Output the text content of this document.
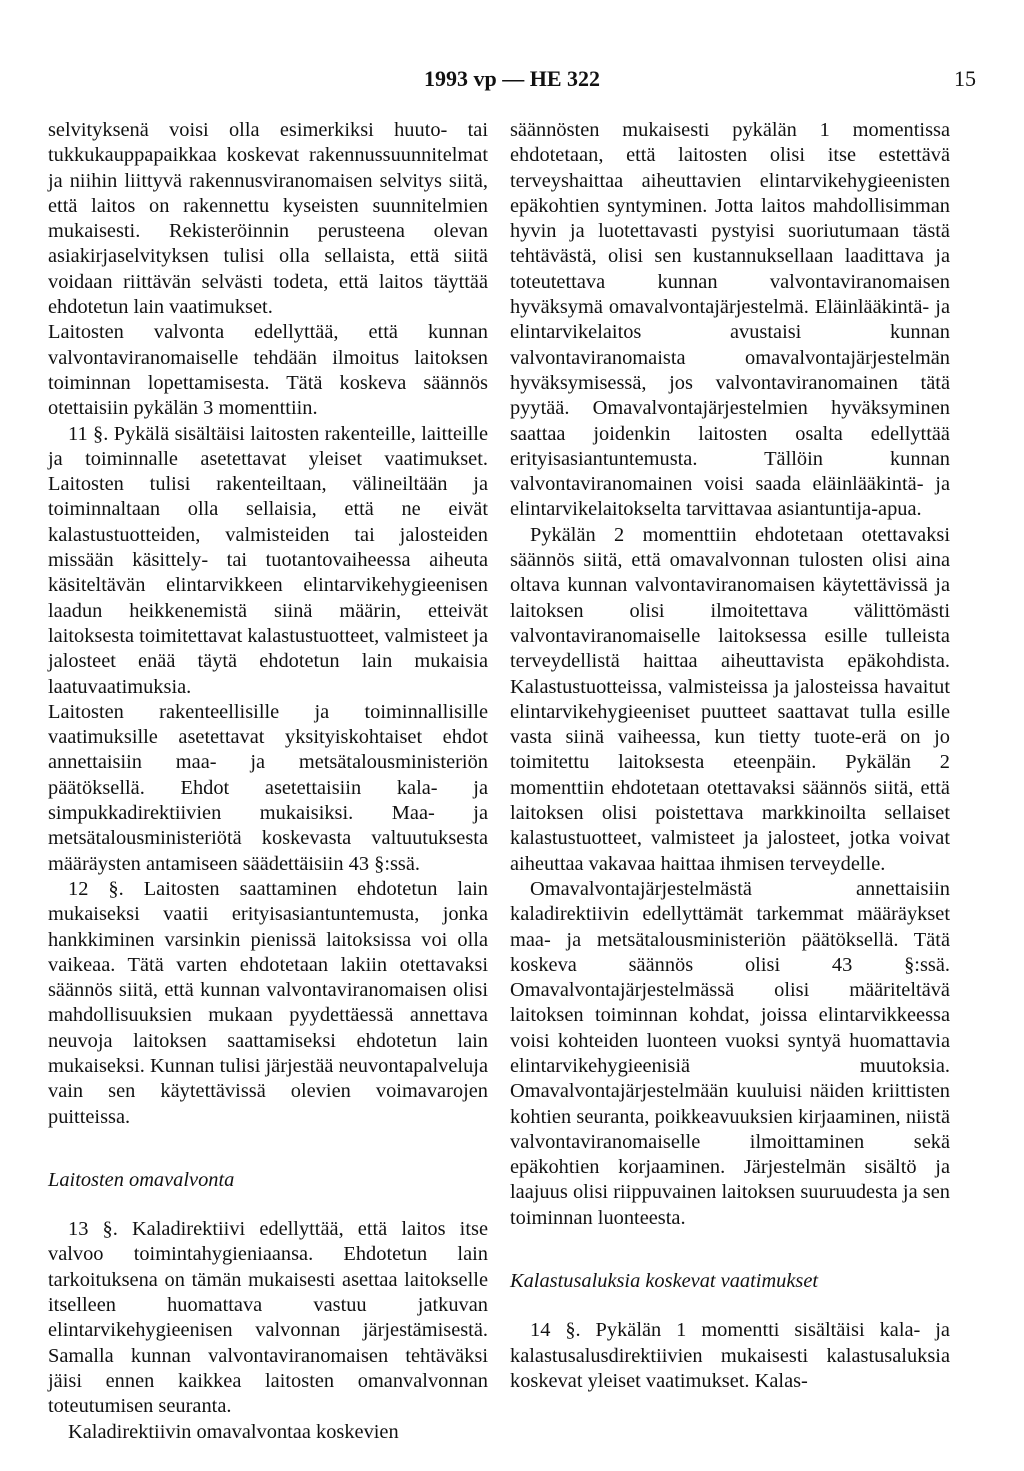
1993 vp — HE 322	15

selvityksenä voisi olla esimerkiksi huuto- tai tukkukauppapaikkaa koskevat rakennussuunnitelmat ja niihin liittyvä rakennusviranomaisen selvitys siitä, että laitos on rakennettu kyseisten suunnitelmien mukaisesti. Rekisteröinnin perusteena olevan asiakirjaselvityksen tulisi olla sellaista, että siitä voidaan riittävän selvästi todeta, että laitos täyttää ehdotetun lain vaatimukset.

Laitosten valvonta edellyttää, että kunnan valvontaviranomaiselle tehdään ilmoitus laitoksen toiminnan lopettamisesta. Tätä koskeva säännös otettaisiin pykälän 3 momenttiin.

11 §. Pykälä sisältäisi laitosten rakenteille, laitteille ja toiminnalle asetettavat yleiset vaatimukset. Laitosten tulisi rakenteiltaan, välineiltään ja toiminnaltaan olla sellaisia, että ne eivät kalastustuotteiden, valmisteiden tai jalosteiden missään käsittely- tai tuotantovaiheessa aiheuta käsiteltävän elintarvikkeen elintarvikehygieenisen laadun heikkenemistä siinä määrin, etteivät laitoksesta toimitettavat kalastustuotteet, valmisteet ja jalosteet enää täytä ehdotetun lain mukaisia laatuvaatimuksia.

Laitosten rakenteellisille ja toiminnallisille vaatimuksille asetettavat yksityiskohtaiset ehdot annettaisiin maa- ja metsätalousministeriön päätöksellä. Ehdot asetettaisiin kala- ja simpukkadirektiivien mukaisiksi. Maa- ja metsätalousministeriötä koskevasta valtuutuksesta määräysten antamiseen säädettäisiin 43 §:ssä.

12 §. Laitosten saattaminen ehdotetun lain mukaiseksi vaatii erityisasiantuntemusta, jonka hankkiminen varsinkin pienissä laitoksissa voi olla vaikeaa. Tätä varten ehdotetaan lakiin otettavaksi säännös siitä, että kunnan valvontaviranomaisen olisi mahdollisuuksien mukaan pyydettäessä annettava neuvoja laitoksen saattamiseksi ehdotetun lain mukaiseksi. Kunnan tulisi järjestää neuvontapalveluja vain sen käytettävissä olevien voimavarojen puitteissa.

Laitosten omavalvonta

13 §. Kaladirektiivi edellyttää, että laitos itse valvoo toimintahygieniaansa. Ehdotetun lain tarkoituksena on tämän mukaisesti asettaa laitokselle itselleen huomattava vastuu jatkuvan elintarvikehygieenisen valvonnan järjestämisestä. Samalla kunnan valvontaviranomaisen tehtäväksi jäisi ennen kaikkea laitosten omanvalvonnan toteutumisen seuranta.

Kaladirektiivin omavalvontaa koskevien

säännösten mukaisesti pykälän 1 momentissa ehdotetaan, että laitosten olisi itse estettävä terveyshaittaa aiheuttavien elintarvikehygieenisten epäkohtien syntyminen. Jotta laitos mahdollisimman hyvin ja luotettavasti pystyisi suoriutumaan tästä tehtävästä, olisi sen kustannuksellaan laadittava ja toteutettava kunnan valvontaviranomaisen hyväksymä omavalvontajärjestelmä. Eläinlääkintä- ja elintarvikelaitos avustaisi kunnan valvontaviranomaista omavalvontajärjestelmän hyväksymisessä, jos valvontaviranomainen tätä pyytää. Omavalvontajärjestelmien hyväksyminen saattaa joidenkin laitosten osalta edellyttää erityisasiantuntemusta. Tällöin kunnan valvontaviranomainen voisi saada eläinlääkintä- ja elintarvikelaitokselta tarvittavaa asiantuntija-apua.

Pykälän 2 momenttiin ehdotetaan otettavaksi säännös siitä, että omavalvonnan tulosten olisi aina oltava kunnan valvontaviranomaisen käytettävissä ja laitoksen olisi ilmoitettava välittömästi valvontaviranomaiselle laitoksessa esille tulleista terveydellistä haittaa aiheuttavista epäkohdista. Kalastustuotteissa, valmisteissa ja jalosteissa havaitut elintarvikehygieeniset puutteet saattavat tulla esille vasta siinä vaiheessa, kun tietty tuote-erä on jo toimitettu laitoksesta eteenpäin. Pykälän 2 momenttiin ehdotetaan otettavaksi säännös siitä, että laitoksen olisi poistettava markkinoilta sellaiset kalastustuotteet, valmisteet ja jalosteet, jotka voivat aiheuttaa vakavaa haittaa ihmisen terveydelle.

Omavalvontajärjestelmästä annettaisiin kaladirektiivin edellyttämät tarkemmat määräykset maa- ja metsätalousministeriön päätöksellä. Tätä koskeva säännös olisi 43 §:ssä. Omavalvontajärjestelmässä olisi määriteltävä laitoksen toiminnan kohdat, joissa elintarvikkeessa voisi kohteiden luonteen vuoksi syntyä huomattavia elintarvikehygieenisiä muutoksia. Omavalvontajärjestelmään kuuluisi näiden kriittisten kohtien seuranta, poikkeavuuksien kirjaaminen, niistä valvontaviranomaiselle ilmoittaminen sekä epäkohtien korjaaminen. Järjestelmän sisältö ja laajuus olisi riippuvainen laitoksen suuruudesta ja sen toiminnan luonteesta.

Kalastusaluksia koskevat vaatimukset

14 §. Pykälän 1 momentti sisältäisi kala- ja kalastusalusdirektiivien mukaisesti kalastusaluksia koskevat yleiset vaatimukset. Kalas-
